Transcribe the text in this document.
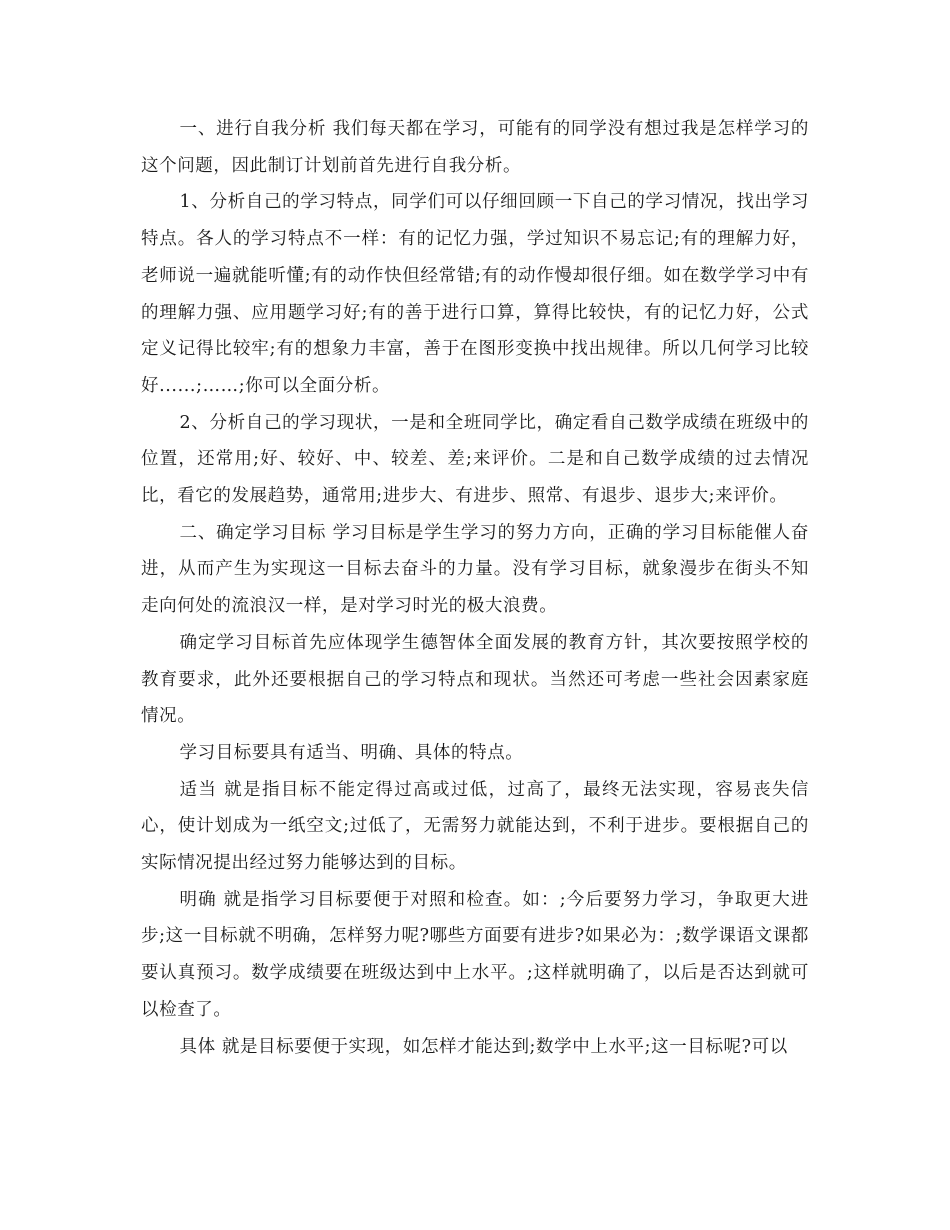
一、进行自我分析 我们每天都在学习，可能有的同学没有想过我是怎样学习的这个问题，因此制订计划前首先进行自我分析。

1、分析自己的学习特点，同学们可以仔细回顾一下自己的学习情况，找出学习特点。各人的学习特点不一样：有的记忆力强，学过知识不易忘记;有的理解力好，老师说一遍就能听懂;有的动作快但经常错;有的动作慢却很仔细。如在数学学习中有的理解力强、应用题学习好;有的善于进行口算，算得比较快，有的记忆力好，公式定义记得比较牢;有的想象力丰富，善于在图形变换中找出规律。所以几何学习比较好......;……;你可以全面分析。

2、分析自己的学习现状，一是和全班同学比，确定看自己数学成绩在班级中的位置，还常用;好、较好、中、较差、差;来评价。二是和自己数学成绩的过去情况比，看它的发展趋势，通常用;进步大、有进步、照常、有退步、退步大;来评价。

二、确定学习目标 学习目标是学生学习的努力方向，正确的学习目标能催人奋进，从而产生为实现这一目标去奋斗的力量。没有学习目标，就象漫步在街头不知走向何处的流浪汉一样，是对学习时光的极大浪费。

确定学习目标首先应体现学生德智体全面发展的教育方针，其次要按照学校的教育要求，此外还要根据自己的学习特点和现状。当然还可考虑一些社会因素家庭情况。

学习目标要具有适当、明确、具体的特点。

适当 就是指目标不能定得过高或过低，过高了，最终无法实现，容易丧失信心，使计划成为一纸空文;过低了，无需努力就能达到，不利于进步。要根据自己的实际情况提出经过努力能够达到的目标。

明确 就是指学习目标要便于对照和检查。如：;今后要努力学习，争取更大进步;这一目标就不明确，怎样努力呢?哪些方面要有进步?如果必为：;数学课语文课都要认真预习。数学成绩要在班级达到中上水平。;这样就明确了，以后是否达到就可以检查了。

具体 就是目标要便于实现，如怎样才能达到;数学中上水平;这一目标呢?可以
